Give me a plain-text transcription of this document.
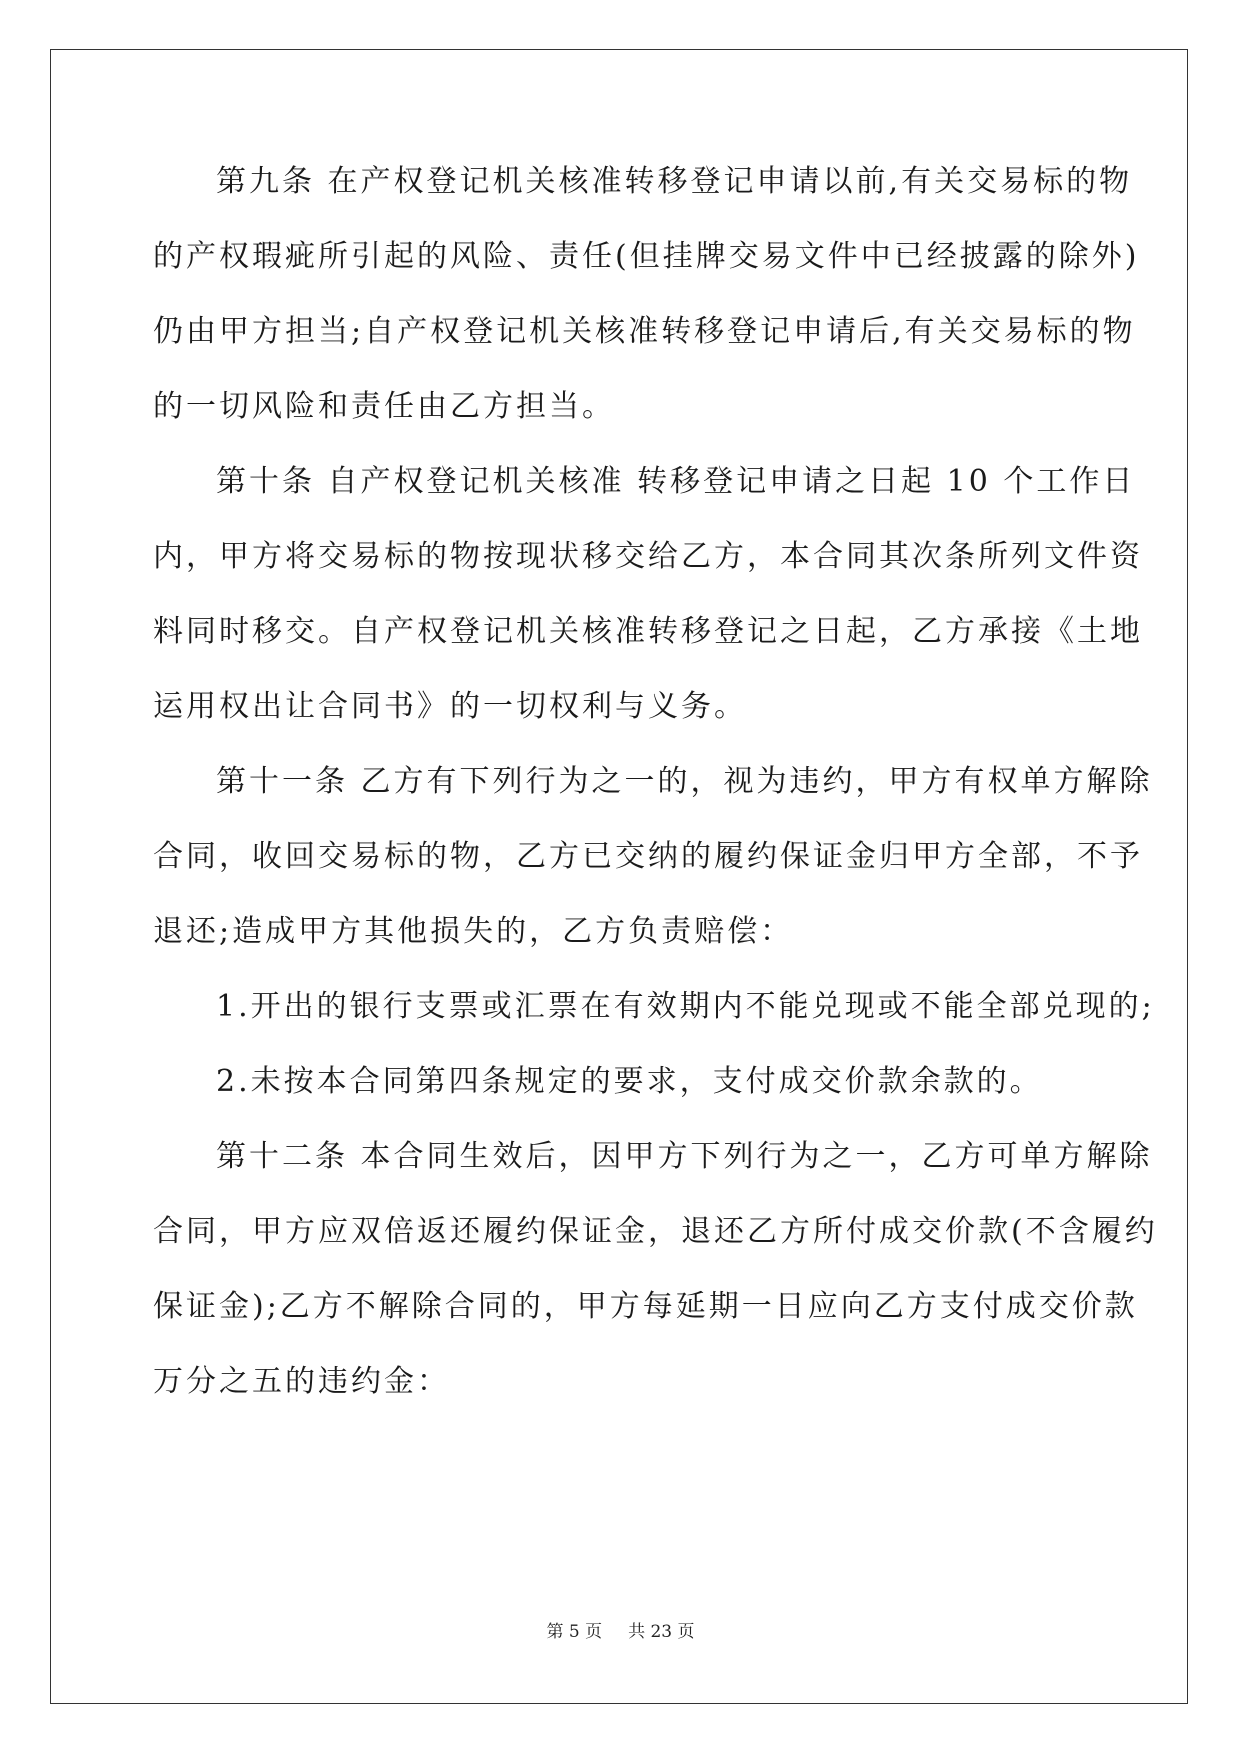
第九条 在产权登记机关核准转移登记申请以前,有关交易标的物
的产权瑕疵所引起的风险、责任(但挂牌交易文件中已经披露的除外)
仍由甲方担当;自产权登记机关核准转移登记申请后,有关交易标的物
的一切风险和责任由乙方担当。
第十条 自产权登记机关核准 转移登记申请之日起 10 个工作日
内，甲方将交易标的物按现状移交给乙方，本合同其次条所列文件资
料同时移交。自产权登记机关核准转移登记之日起，乙方承接《土地
运用权出让合同书》的一切权利与义务。
第十一条 乙方有下列行为之一的，视为违约，甲方有权单方解除
合同，收回交易标的物，乙方已交纳的履约保证金归甲方全部，不予
退还;造成甲方其他损失的，乙方负责赔偿：
1.开出的银行支票或汇票在有效期内不能兑现或不能全部兑现的;
2.未按本合同第四条规定的要求，支付成交价款余款的。
第十二条 本合同生效后，因甲方下列行为之一，乙方可单方解除
合同，甲方应双倍返还履约保证金，退还乙方所付成交价款(不含履约
保证金);乙方不解除合同的，甲方每延期一日应向乙方支付成交价款
万分之五的违约金：
第 5 页 共 23 页
